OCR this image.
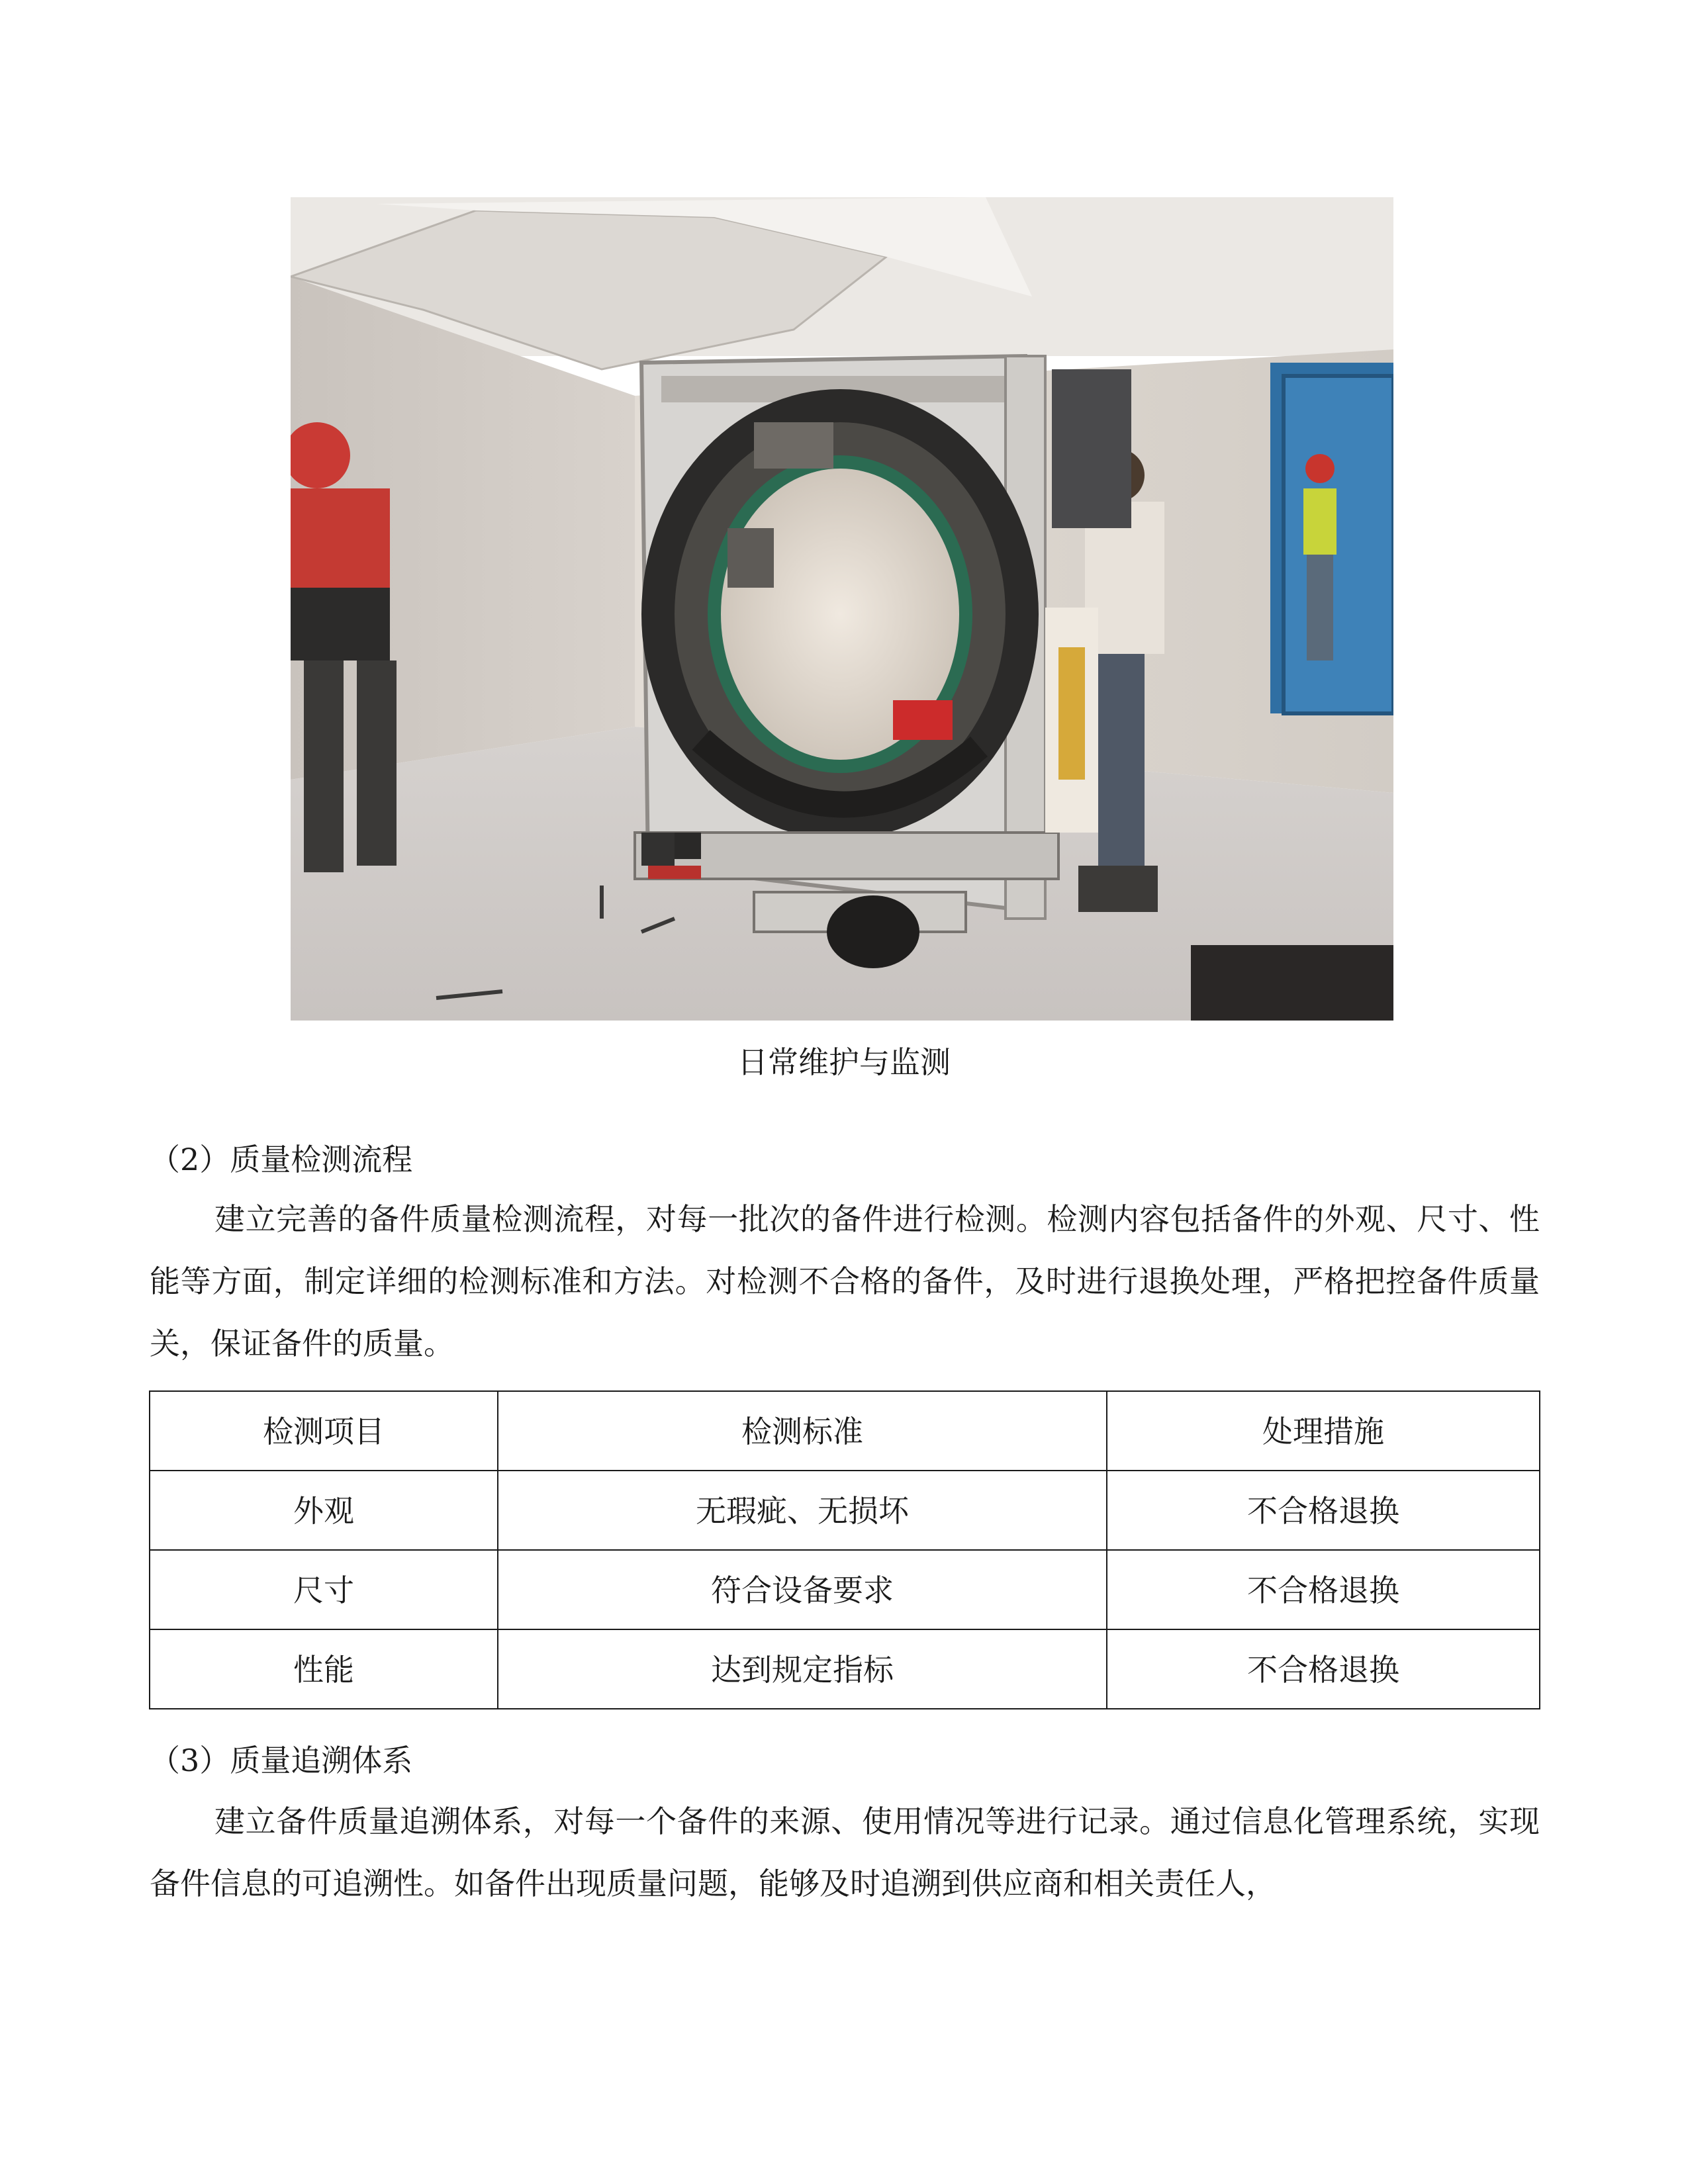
日常维护与监测
（2）质量检测流程

建立完善的备件质量检测流程，对每一批次的备件进行检测。检测内容包括备件的外观、尺寸、性能等方面，制定详细的检测标准和方法。对检测不合格的备件，及时进行退换处理，严格把控备件质量关，保证备件的质量。

检测项目	检测标准	处理措施
外观	无瑕疵、无损坏	不合格退换
尺寸	符合设备要求	不合格退换
性能	达到规定指标	不合格退换
（3）质量追溯体系

建立备件质量追溯体系，对每一个备件的来源、使用情况等进行记录。通过信息化管理系统，实现备件信息的可追溯性。如备件出现质量问题，能够及时追溯到供应商和相关责任人，
